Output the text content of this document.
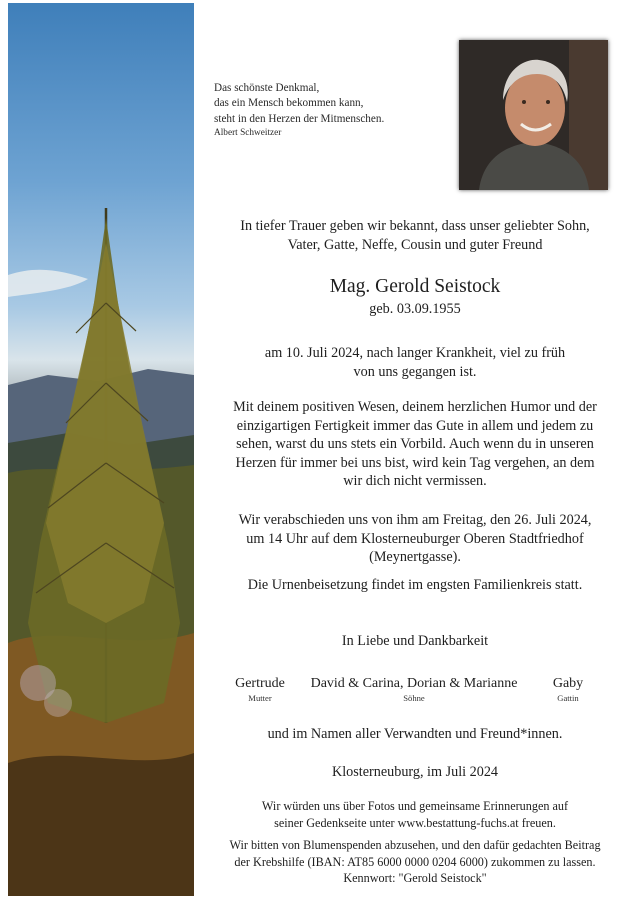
Das schönste Denkmal,
das ein Mensch bekommen kann,
steht in den Herzen der Mitmenschen.
Albert Schweitzer
In tiefer Trauer geben wir bekannt, dass unser geliebter Sohn,
Vater, Gatte, Neffe, Cousin und guter Freund
Mag. Gerold Seistock
geb. 03.09.1955
am 10. Juli 2024, nach langer Krankheit, viel zu früh
von uns gegangen ist.
Mit deinem positiven Wesen, deinem herzlichen Humor und der
einzigartigen Fertigkeit immer das Gute in allem und jedem zu
sehen, warst du uns stets ein Vorbild. Auch wenn du in unseren
Herzen für immer bei uns bist, wird kein Tag vergehen, an dem
wir dich nicht vermissen.
Wir verabschieden uns von ihm am Freitag, den 26. Juli 2024,
um 14 Uhr auf dem Klosterneuburger Oberen Stadtfriedhof
(Meynertgasse).
Die Urnenbeisetzung findet im engsten Familienkreis statt.
In Liebe und Dankbarkeit
Gertrude
Mutter
David & Carina, Dorian & Marianne
Söhne
Gaby
Gattin
und im Namen aller Verwandten und Freund*innen.
Klosterneuburg, im Juli 2024
Wir würden uns über Fotos und gemeinsame Erinnerungen auf
seiner Gedenkseite unter www.bestattung-fuchs.at freuen.
Wir bitten von Blumenspenden abzusehen, und den dafür gedachten Beitrag
der Krebshilfe (IBAN: AT85 6000 0000 0204 6000) zukommen zu lassen.
Kennwort: "Gerold Seistock"
